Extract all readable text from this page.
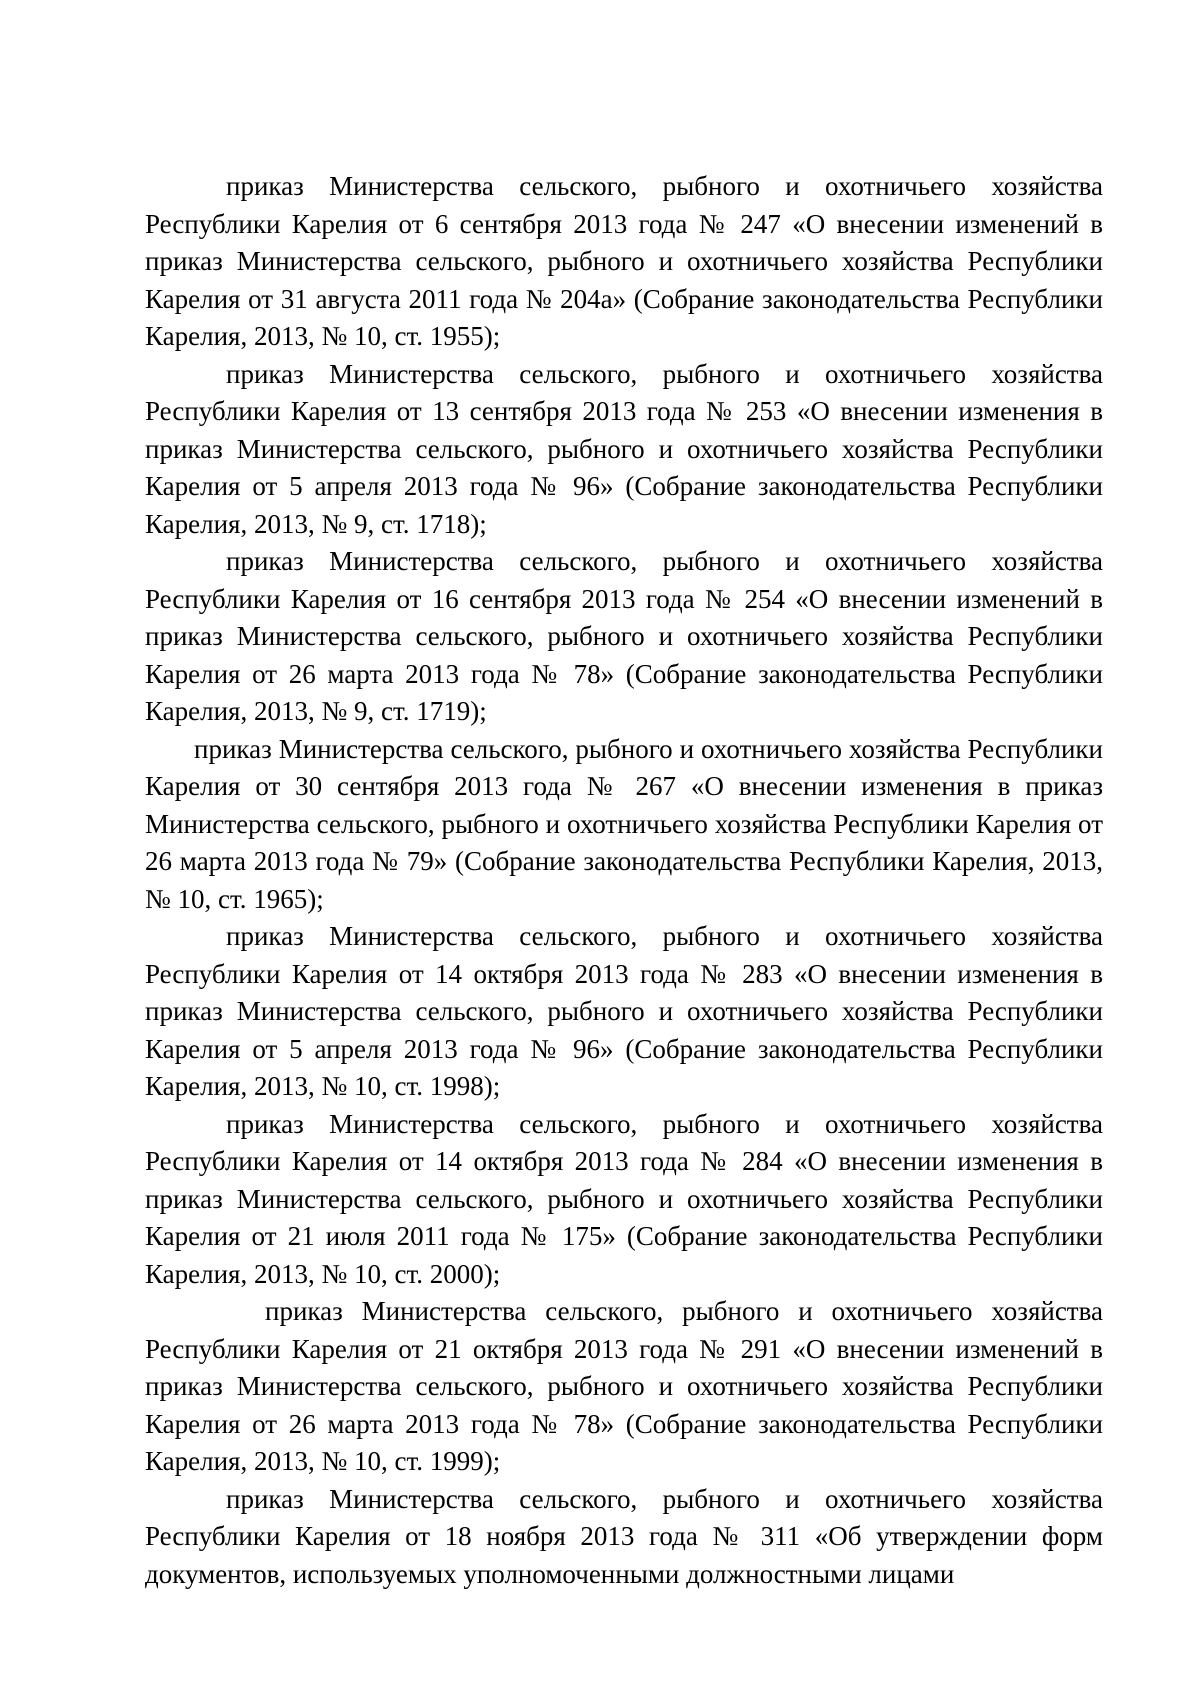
приказ Министерства сельского, рыбного и охотничьего хозяйства Республики Карелия от 6 сентября 2013 года № 247 «О внесении изменений в приказ Министерства сельского, рыбного и охотничьего хозяйства Республики Карелия от 31 августа 2011 года № 204а» (Собрание законодательства Республики Карелия, 2013, № 10, ст. 1955);

приказ Министерства сельского, рыбного и охотничьего хозяйства Республики Карелия от 13 сентября 2013 года № 253 «О внесении изменения в приказ Министерства сельского, рыбного и охотничьего хозяйства Республики Карелия от 5 апреля 2013 года № 96» (Собрание законодательства Республики Карелия, 2013, № 9, ст. 1718);

приказ Министерства сельского, рыбного и охотничьего хозяйства Республики Карелия от 16 сентября 2013 года № 254 «О внесении изменений в приказ Министерства сельского, рыбного и охотничьего хозяйства Республики Карелия от 26 марта 2013 года № 78» (Собрание законодательства Республики Карелия, 2013, № 9, ст. 1719);

приказ Министерства сельского, рыбного и охотничьего хозяйства Республики Карелия от 30 сентября 2013 года № 267 «О внесении изменения в приказ Министерства сельского, рыбного и охотничьего хозяйства Республики Карелия от 26 марта 2013 года № 79» (Собрание законодательства Республики Карелия, 2013, № 10, ст. 1965);

приказ Министерства сельского, рыбного и охотничьего хозяйства Республики Карелия от 14 октября 2013 года № 283 «О внесении изменения в приказ Министерства сельского, рыбного и охотничьего хозяйства Республики Карелия от 5 апреля 2013 года № 96» (Собрание законодательства Республики Карелия, 2013, № 10, ст. 1998);

приказ Министерства сельского, рыбного и охотничьего хозяйства Республики Карелия от 14 октября 2013 года № 284 «О внесении изменения в приказ Министерства сельского, рыбного и охотничьего хозяйства Республики Карелия от 21 июля 2011 года № 175» (Собрание законодательства Республики Карелия, 2013, № 10, ст. 2000);

приказ Министерства сельского, рыбного и охотничьего хозяйства Республики Карелия от 21 октября 2013 года № 291 «О внесении изменений в приказ Министерства сельского, рыбного и охотничьего хозяйства Республики Карелия от 26 марта 2013 года № 78» (Собрание законодательства Республики Карелия, 2013, № 10, ст. 1999);

приказ Министерства сельского, рыбного и охотничьего хозяйства Республики Карелия от 18 ноября 2013 года № 311 «Об утверждении форм документов, используемых уполномоченными должностными лицами
